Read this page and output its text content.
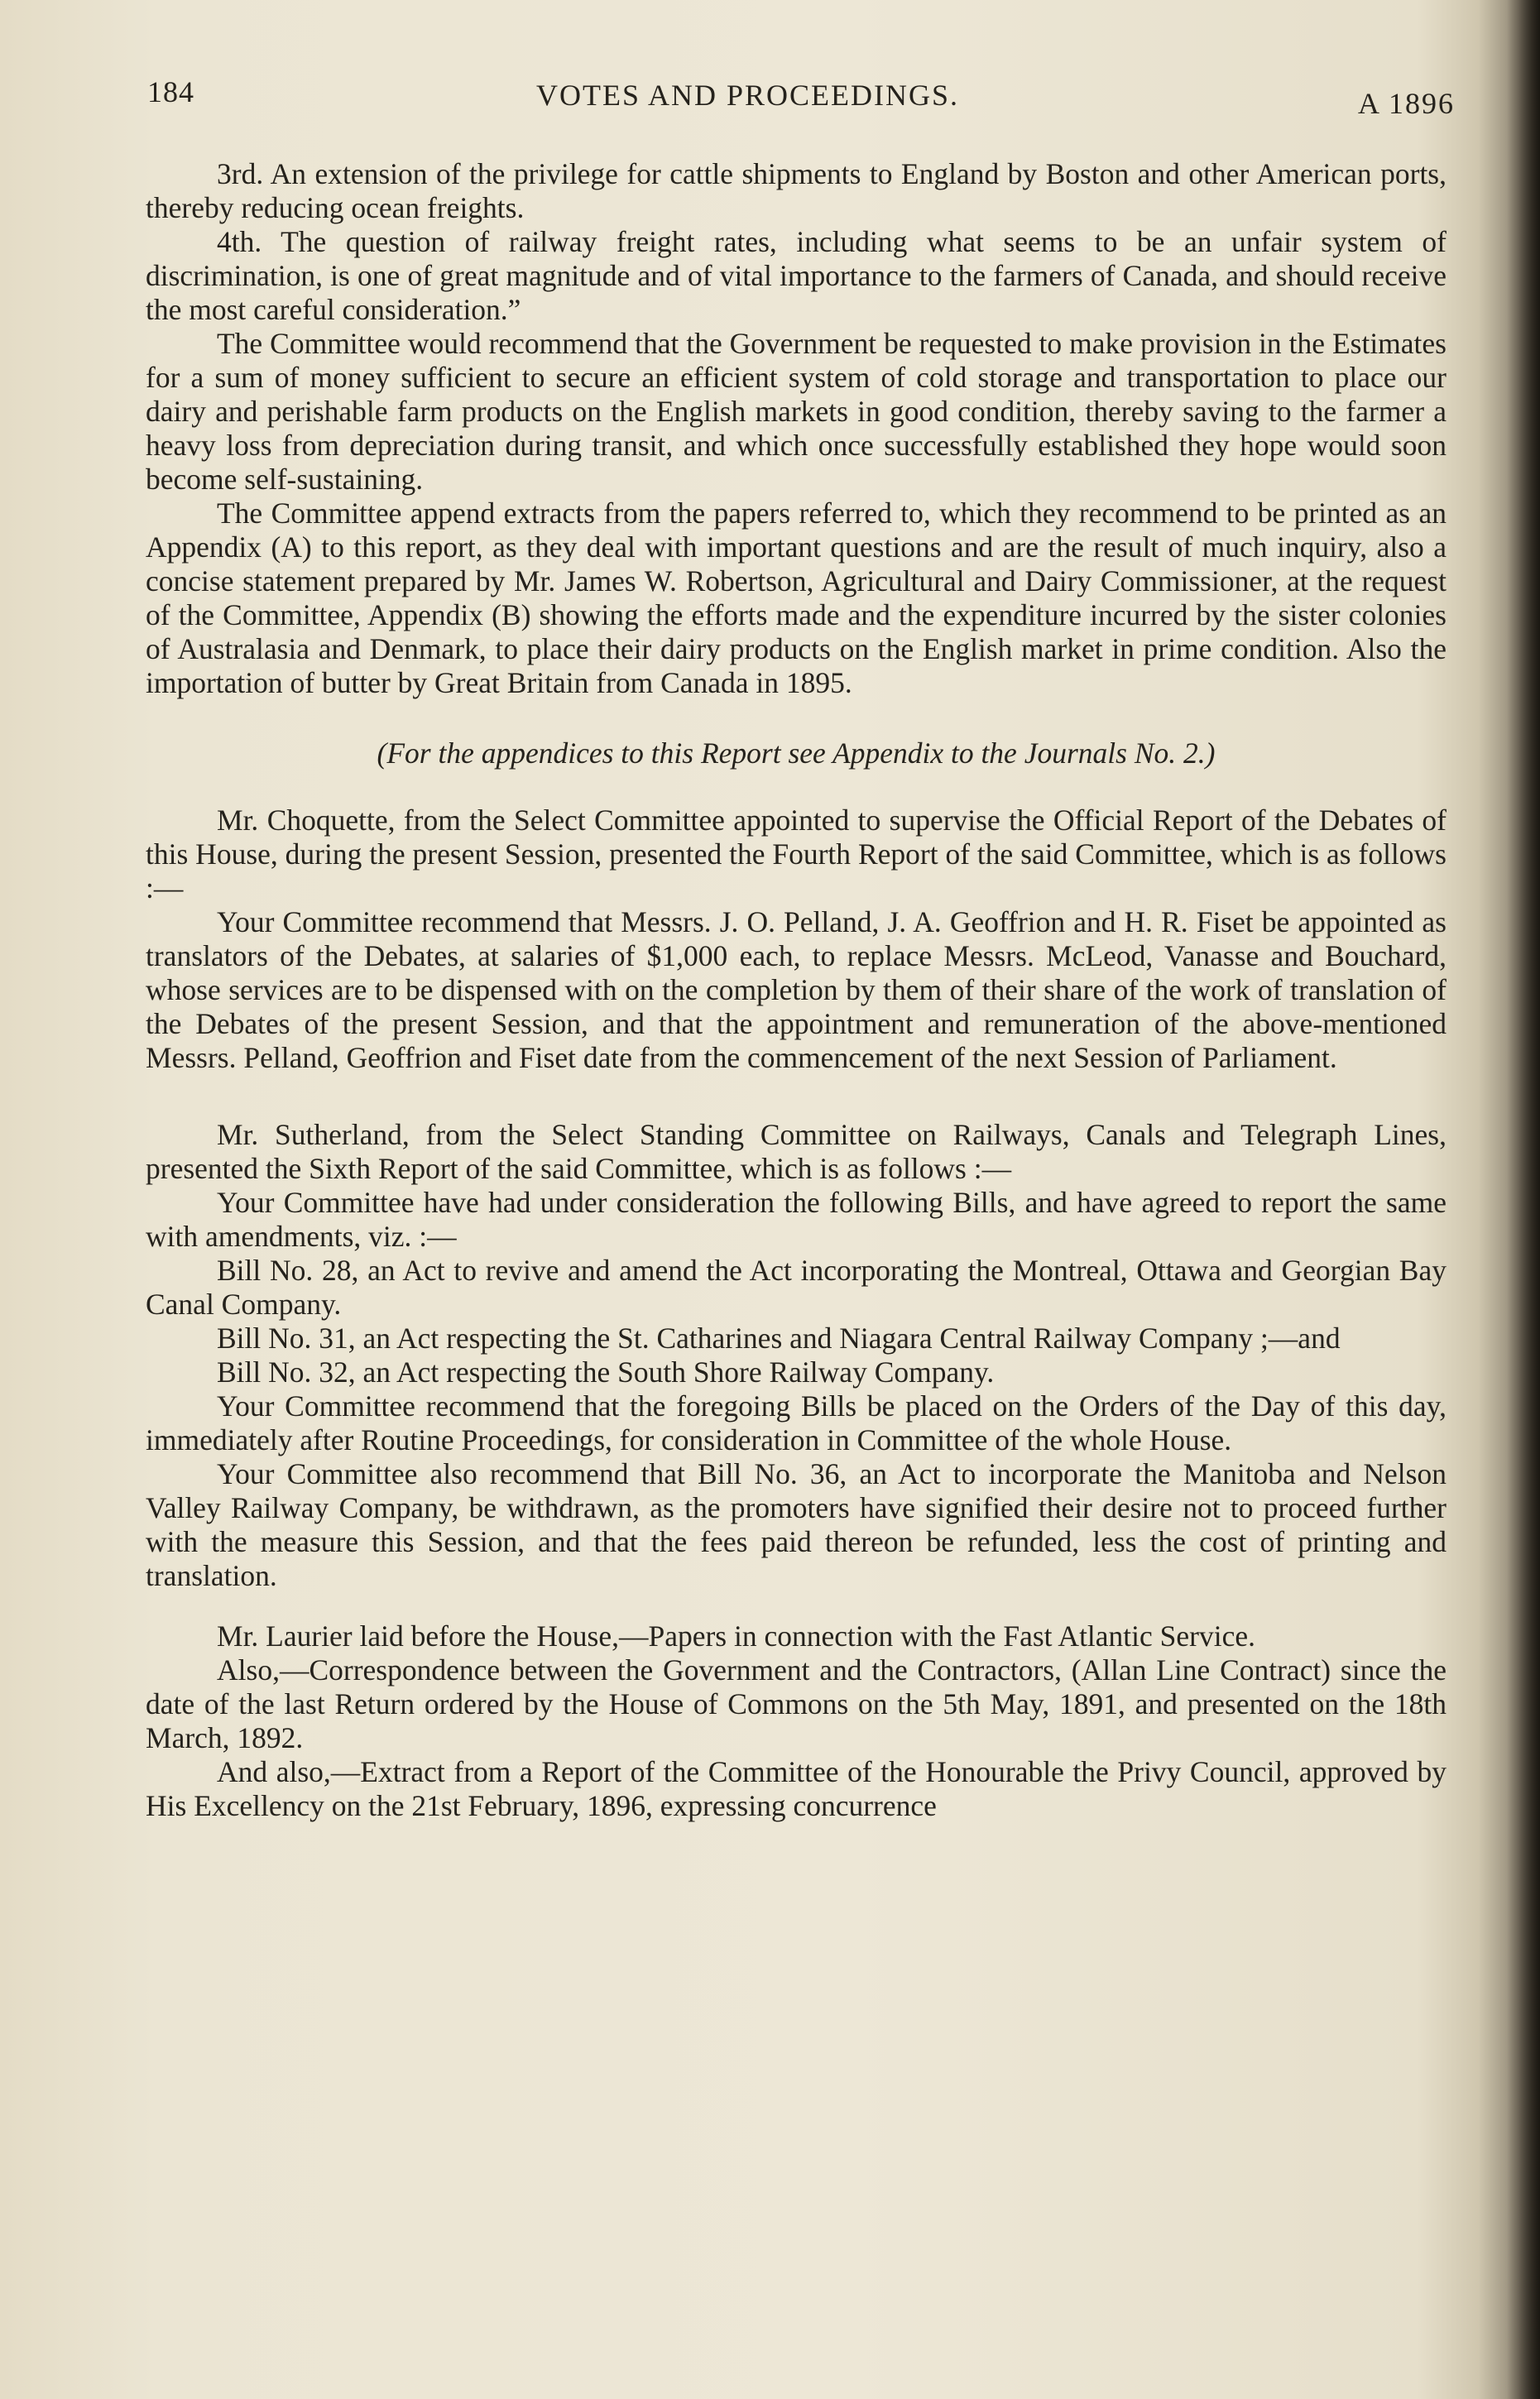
184	VOTES AND PROCEEDINGS.	A 1896

3rd. An extension of the privilege for cattle shipments to England by Boston and other American ports, thereby reducing ocean freights.

4th. The question of railway freight rates, including what seems to be an unfair system of discrimination, is one of great magnitude and of vital importance to the farmers of Canada, and should receive the most careful consideration.”

The Committee would recommend that the Government be requested to make provision in the Estimates for a sum of money sufficient to secure an efficient system of cold storage and transportation to place our dairy and perishable farm products on the English markets in good condition, thereby saving to the farmer a heavy loss from depreciation during transit, and which once successfully established they hope would soon become self-sustaining.

The Committee append extracts from the papers referred to, which they recommend to be printed as an Appendix (A) to this report, as they deal with important questions and are the result of much inquiry, also a concise statement prepared by Mr. James W. Robertson, Agricultural and Dairy Commissioner, at the request of the Committee, Appendix (B) showing the efforts made and the expenditure incurred by the sister colonies of Australasia and Denmark, to place their dairy products on the English market in prime condition. Also the importation of butter by Great Britain from Canada in 1895.

(For the appendices to this Report see Appendix to the Journals No. 2.)

Mr. Choquette, from the Select Committee appointed to supervise the Official Report of the Debates of this House, during the present Session, presented the Fourth Report of the said Committee, which is as follows :—

Your Committee recommend that Messrs. J. O. Pelland, J. A. Geoffrion and H. R. Fiset be appointed as translators of the Debates, at salaries of $1,000 each, to replace Messrs. McLeod, Vanasse and Bouchard, whose services are to be dispensed with on the completion by them of their share of the work of translation of the Debates of the present Session, and that the appointment and remuneration of the above-mentioned Messrs. Pelland, Geoffrion and Fiset date from the commencement of the next Session of Parliament.

Mr. Sutherland, from the Select Standing Committee on Railways, Canals and Telegraph Lines, presented the Sixth Report of the said Committee, which is as follows :—

Your Committee have had under consideration the following Bills, and have agreed to report the same with amendments, viz. :—

Bill No. 28, an Act to revive and amend the Act incorporating the Montreal, Ottawa and Georgian Bay Canal Company.

Bill No. 31, an Act respecting the St. Catharines and Niagara Central Railway Company ;—and

Bill No. 32, an Act respecting the South Shore Railway Company.

Your Committee recommend that the foregoing Bills be placed on the Orders of the Day of this day, immediately after Routine Proceedings, for consideration in Committee of the whole House.

Your Committee also recommend that Bill No. 36, an Act to incorporate the Manitoba and Nelson Valley Railway Company, be withdrawn, as the promoters have signified their desire not to proceed further with the measure this Session, and that the fees paid thereon be refunded, less the cost of printing and translation.

Mr. Laurier laid before the House,—Papers in connection with the Fast Atlantic Service.

Also,—Correspondence between the Government and the Contractors, (Allan Line Contract) since the date of the last Return ordered by the House of Commons on the 5th May, 1891, and presented on the 18th March, 1892.

And also,—Extract from a Report of the Committee of the Honourable the Privy Council, approved by His Excellency on the 21st February, 1896, expressing concurrence
